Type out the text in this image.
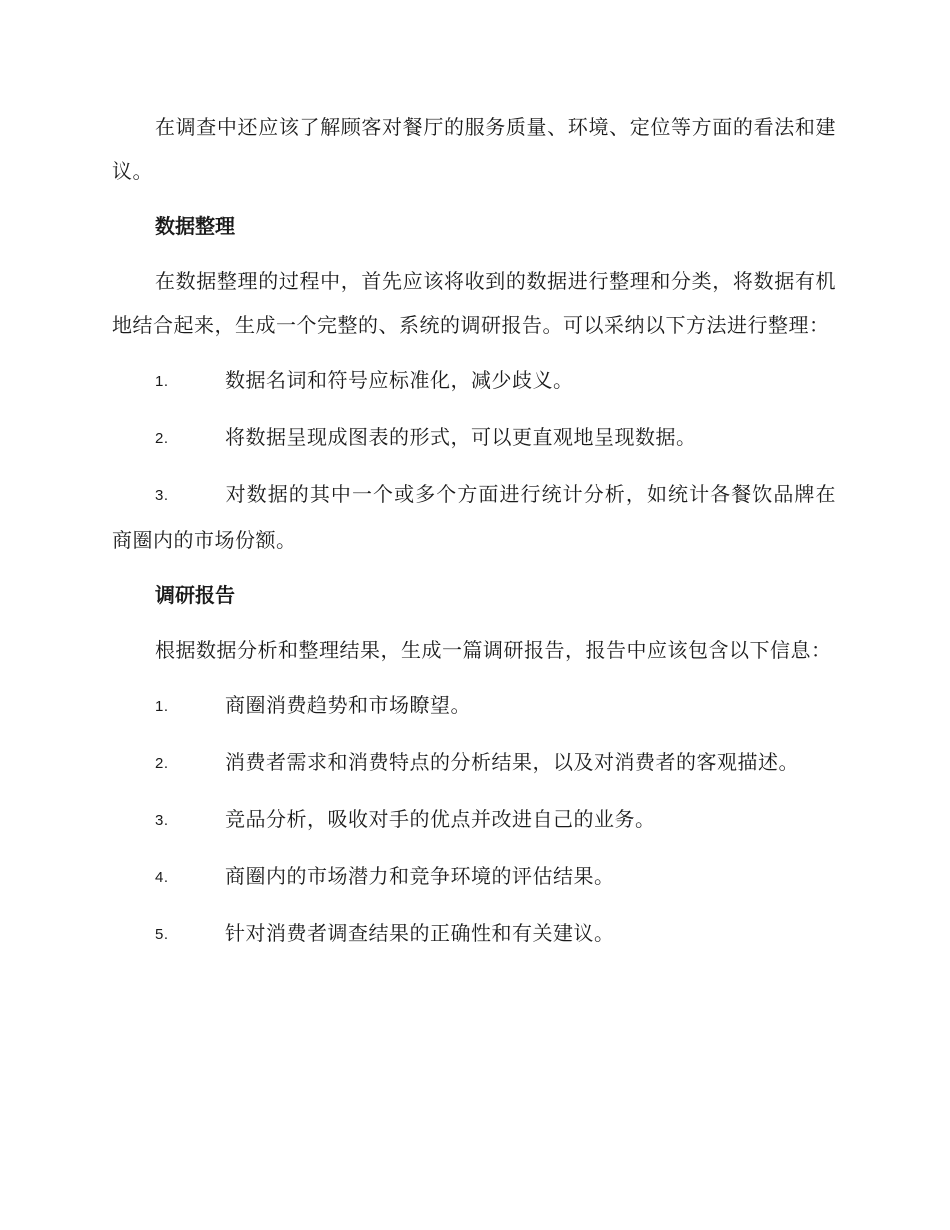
在调查中还应该了解顾客对餐厅的服务质量、环境、定位等方面的看法和建议。

数据整理

在数据整理的过程中，首先应该将收到的数据进行整理和分类，将数据有机地结合起来，生成一个完整的、系统的调研报告。可以采纳以下方法进行整理：

1.	数据名词和符号应标准化，减少歧义。
2.	将数据呈现成图表的形式，可以更直观地呈现数据。
3.	对数据的其中一个或多个方面进行统计分析，如统计各餐饮品牌在商圈内的市场份额。
调研报告

根据数据分析和整理结果，生成一篇调研报告，报告中应该包含以下信息：

1.	商圈消费趋势和市场瞭望。
2.	消费者需求和消费特点的分析结果，以及对消费者的客观描述。
3.	竞品分析，吸收对手的优点并改进自己的业务。
4.	商圈内的市场潜力和竞争环境的评估结果。
5.	针对消费者调查结果的正确性和有关建议。
